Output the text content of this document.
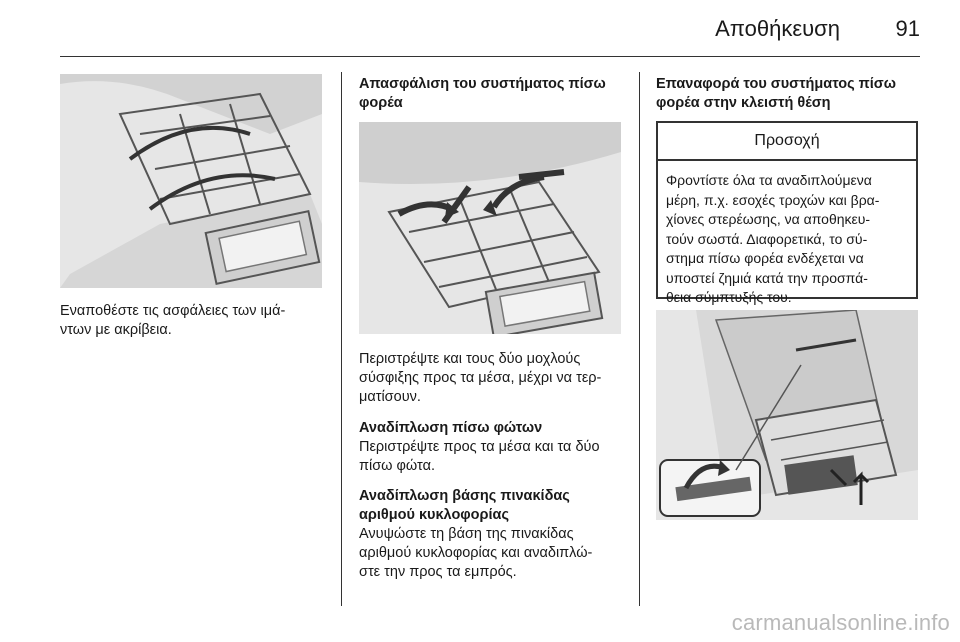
Αποθήκευση	91

Εναποθέστε τις ασφάλειες των ιμά-
ντων με ακρίβεια.

Απασφάλιση του συστήματος πίσω
φορέα

Περιστρέψτε και τους δύο μοχλούς
σύσφιξης προς τα μέσα, μέχρι να τερ-
ματίσουν.

Αναδίπλωση πίσω φώτων

Περιστρέψτε προς τα μέσα και τα δύο
πίσω φώτα.

Αναδίπλωση βάσης πινακίδας
αριθμού κυκλοφορίας

Ανυψώστε τη βάση της πινακίδας
αριθμού κυκλοφορίας και αναδιπλώ-
στε την προς τα εμπρός.

Επαναφορά του συστήματος πίσω
φορέα στην κλειστή θέση

Προσοχή
Φροντίστε όλα τα αναδιπλούμενα
μέρη, π.χ. εσοχές τροχών και βρα-
χίονες στερέωσης, να αποθηκευ-
τούν σωστά. Διαφορετικά, το σύ-
στημα πίσω φορέα ενδέχεται να
υποστεί ζημιά κατά την προσπά-
θεια σύμπτυξής του.
carmanualsonline.info
